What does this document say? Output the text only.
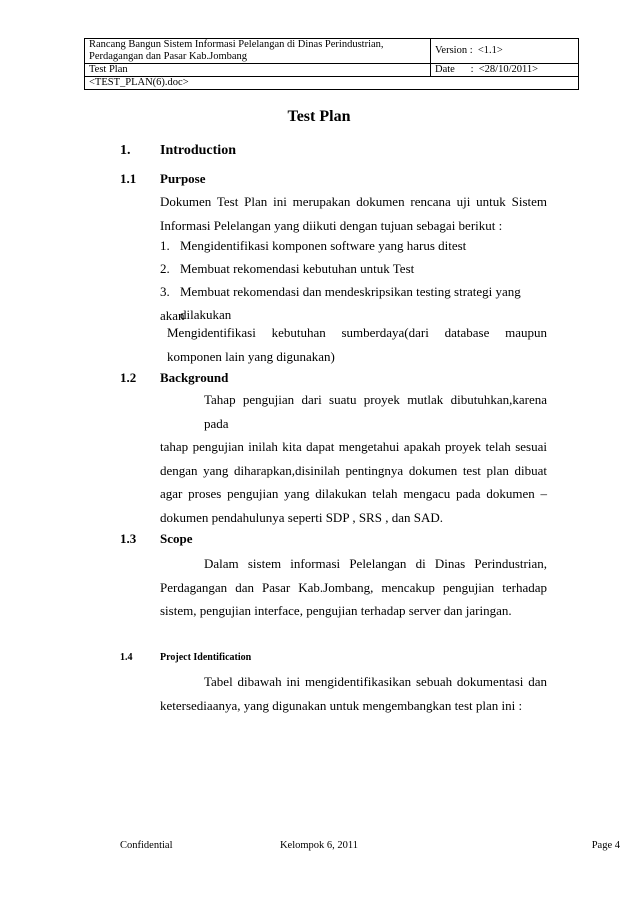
Rancang Bangun Sistem Informasi Pelelangan di Dinas Perindustrian,
Perdagangan dan Pasar Kab.Jombang	Version :  <1.1>
Test Plan	Date      :  <28/10/2011>
<TEST_PLAN(6).doc>	
Test Plan
1. Introduction
1.1 Purpose
Dokumen Test Plan ini merupakan dokumen rencana uji untuk Sistem
Informasi Pelelangan yang diikuti dengan tujuan sebagai berikut :
1. Mengidentifikasi komponen software yang harus ditest
2. Membuat rekomendasi kebutuhan untuk Test
3. Membuat rekomendasi dan mendeskripsikan testing strategi yang akan
dilakukan
Mengidentifikasi kebutuhan sumberdaya(dari database maupun
komponen lain yang digunakan)
1.2 Background
Tahap pengujian dari suatu proyek mutlak dibutuhkan,karena pada
tahap pengujian inilah kita dapat mengetahui apakah proyek telah sesuai
dengan yang diharapkan,disinilah pentingnya dokumen test plan dibuat
agar proses pengujian yang dilakukan telah mengacu pada dokumen –
dokumen pendahulunya seperti SDP , SRS , dan SAD.
1.3 Scope
Dalam sistem informasi Pelelangan di Dinas Perindustrian,
Perdagangan dan Pasar Kab.Jombang, mencakup pengujian terhadap
sistem, pengujian interface, pengujian terhadap server dan jaringan.
1.4	Project Identification
Tabel dibawah ini mengidentifikasikan sebuah dokumentasi dan
ketersediaanya, yang digunakan untuk mengembangkan test plan ini :
Confidential	Kelompok 6, 2011	Page 4
